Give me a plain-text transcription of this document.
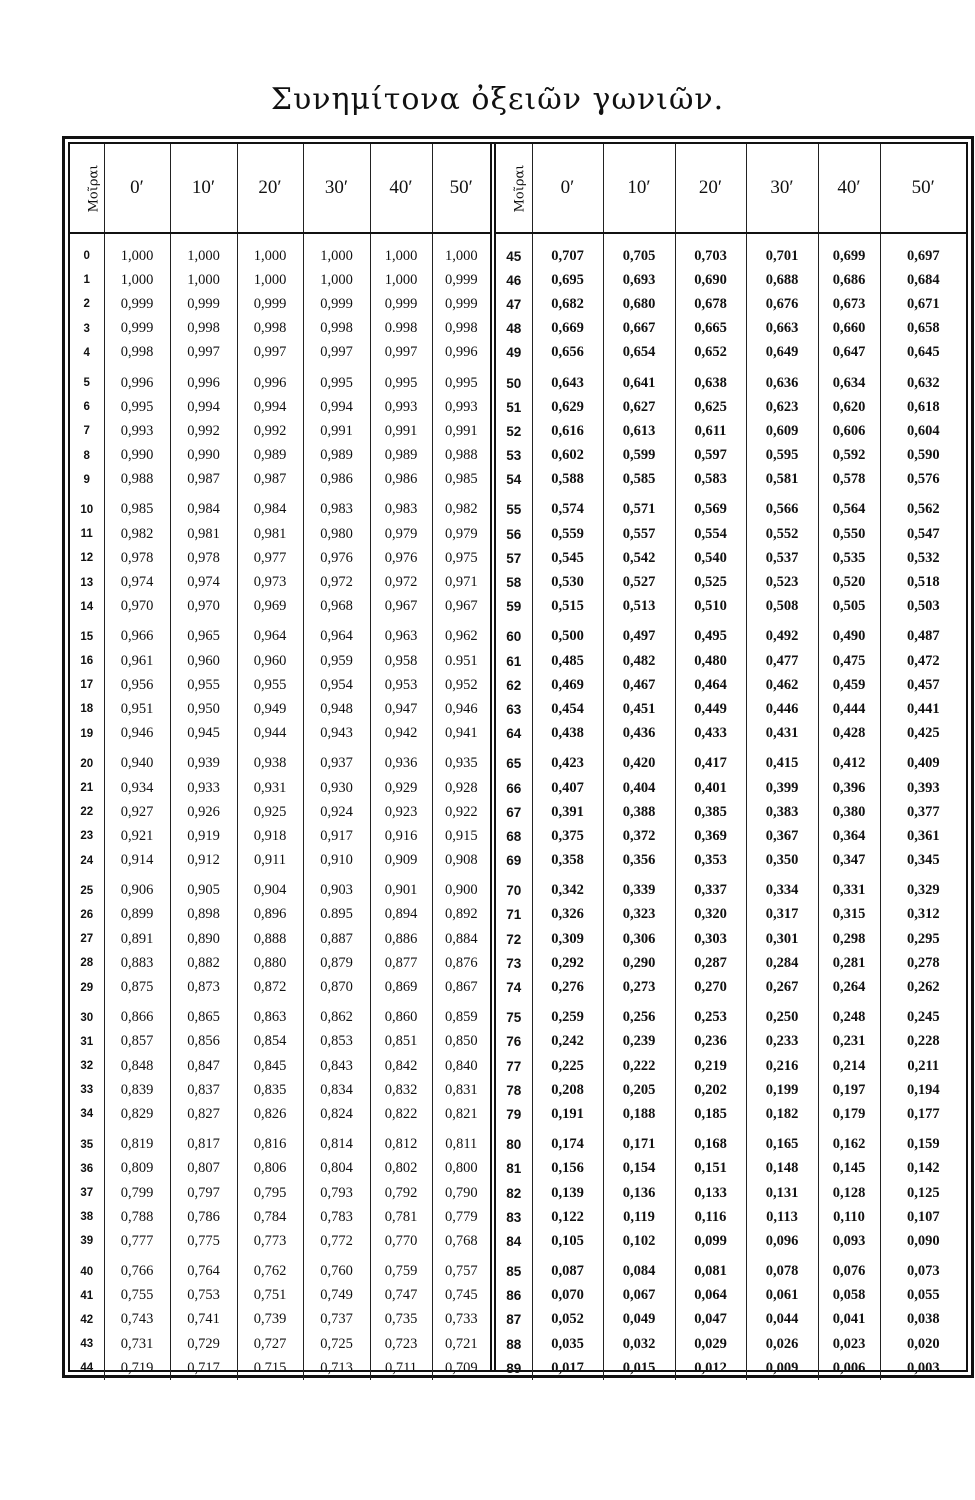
Συνημίτονα ὀξειῶν γωνιῶν.
Μοῖραι	0′	10′	20′	30′	40′	50′
0	1,000	1,000	1,000	1,000	1,000	1,000
1	1,000	1,000	1,000	1,000	1,000	0,999
2	0,999	0,999	0,999	0,999	0,999	0,999
3	0,999	0,998	0,998	0,998	0.998	0,998
4	0,998	0,997	0,997	0,997	0,997	0,996
5	0,996	0,996	0,996	0,995	0,995	0,995
6	0,995	0,994	0,994	0,994	0,993	0,993
7	0,993	0,992	0,992	0,991	0,991	0,991
8	0,990	0,990	0,989	0,989	0,989	0,988
9	0,988	0,987	0,987	0,986	0,986	0,985
10	0,985	0,984	0,984	0,983	0,983	0,982
11	0,982	0,981	0,981	0,980	0,979	0,979
12	0,978	0,978	0,977	0,976	0,976	0,975
13	0,974	0,974	0,973	0,972	0,972	0,971
14	0,970	0,970	0,969	0,968	0,967	0,967
15	0,966	0,965	0,964	0,964	0,963	0,962
16	0,961	0,960	0,960	0,959	0,958	0.951
17	0,956	0,955	0,955	0,954	0,953	0,952
18	0,951	0,950	0,949	0,948	0,947	0,946
19	0,946	0,945	0,944	0,943	0,942	0,941
20	0,940	0,939	0,938	0,937	0,936	0,935
21	0,934	0,933	0,931	0,930	0,929	0,928
22	0,927	0,926	0,925	0,924	0,923	0,922
23	0,921	0,919	0,918	0,917	0,916	0,915
24	0,914	0,912	0,911	0,910	0,909	0,908
25	0,906	0,905	0,904	0,903	0,901	0,900
26	0,899	0,898	0,896	0.895	0,894	0,892
27	0,891	0,890	0,888	0,887	0,886	0,884
28	0,883	0,882	0,880	0,879	0,877	0,876
29	0,875	0,873	0,872	0,870	0,869	0,867
30	0,866	0,865	0,863	0,862	0,860	0,859
31	0,857	0,856	0,854	0,853	0,851	0,850
32	0,848	0,847	0,845	0,843	0,842	0,840
33	0,839	0,837	0,835	0,834	0,832	0,831
34	0,829	0,827	0,826	0,824	0,822	0,821
35	0,819	0,817	0,816	0,814	0,812	0,811
36	0,809	0,807	0,806	0,804	0,802	0,800
37	0,799	0,797	0,795	0,793	0,792	0,790
38	0,788	0,786	0,784	0,783	0,781	0,779
39	0,777	0,775	0,773	0,772	0,770	0,768
40	0,766	0,764	0,762	0,760	0,759	0,757
41	0,755	0,753	0,751	0,749	0,747	0,745
42	0,743	0,741	0,739	0,737	0,735	0,733
43	0,731	0,729	0,727	0,725	0,723	0,721
44	0,719	0,717	0.715	0,713	0,711	0,709
Μοῖραι	0′	10′	20′	30′	40′	50′
45	0,707	0,705	0,703	0,701	0,699	0,697
46	0,695	0,693	0,690	0,688	0,686	0,684
47	0,682	0,680	0,678	0,676	0,673	0,671
48	0,669	0,667	0,665	0,663	0,660	0,658
49	0,656	0,654	0,652	0,649	0,647	0,645
50	0,643	0,641	0,638	0,636	0,634	0,632
51	0,629	0,627	0,625	0,623	0,620	0,618
52	0,616	0,613	0,611	0,609	0,606	0,604
53	0,602	0,599	0,597	0,595	0,592	0,590
54	0,588	0,585	0,583	0,581	0,578	0,576
55	0,574	0,571	0,569	0,566	0,564	0,562
56	0,559	0,557	0,554	0,552	0,550	0,547
57	0,545	0,542	0,540	0,537	0,535	0,532
58	0,530	0,527	0,525	0,523	0,520	0,518
59	0,515	0,513	0,510	0,508	0,505	0,503
60	0,500	0,497	0,495	0,492	0,490	0,487
61	0,485	0,482	0,480	0,477	0,475	0,472
62	0,469	0,467	0,464	0,462	0,459	0,457
63	0,454	0,451	0,449	0,446	0,444	0,441
64	0,438	0,436	0,433	0,431	0,428	0,425
65	0,423	0,420	0,417	0,415	0,412	0,409
66	0,407	0,404	0,401	0,399	0,396	0,393
67	0,391	0,388	0,385	0,383	0,380	0,377
68	0,375	0,372	0,369	0,367	0,364	0,361
69	0,358	0,356	0,353	0,350	0,347	0,345
70	0,342	0,339	0,337	0,334	0,331	0,329
71	0,326	0,323	0,320	0,317	0,315	0,312
72	0,309	0,306	0,303	0,301	0,298	0,295
73	0,292	0,290	0,287	0,284	0,281	0,278
74	0,276	0,273	0,270	0,267	0,264	0,262
75	0,259	0,256	0,253	0,250	0,248	0,245
76	0,242	0,239	0,236	0,233	0,231	0,228
77	0,225	0,222	0,219	0,216	0,214	0,211
78	0,208	0,205	0,202	0,199	0,197	0,194
79	0,191	0,188	0,185	0,182	0,179	0,177
80	0,174	0,171	0,168	0,165	0,162	0,159
81	0,156	0,154	0,151	0,148	0,145	0,142
82	0,139	0,136	0,133	0,131	0,128	0,125
83	0,122	0,119	0,116	0,113	0,110	0,107
84	0,105	0,102	0,099	0,096	0,093	0,090
85	0,087	0,084	0,081	0,078	0,076	0,073
86	0,070	0,067	0,064	0,061	0,058	0,055
87	0,052	0,049	0,047	0,044	0,041	0,038
88	0,035	0,032	0,029	0,026	0,023	0,020
89	0,017	0,015	0,012	0,009	0,006	0,003
